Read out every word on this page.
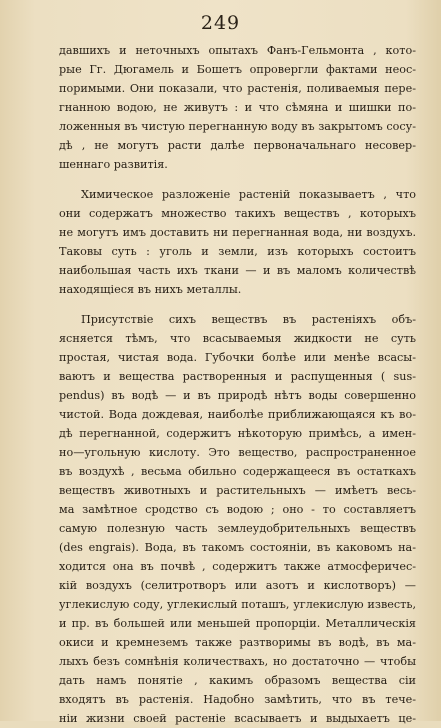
249
давшихъ и неточныхъ опытахъ Фанъ-Гельмонта , кото-
рые Гг. Дюгамель и Бошетъ опровергли фактами неос-
поримыми. Они показали, что растенія, поливаемыя пере-
гнанною водою, не живутъ : и что сѣмяна и шишки по-
ложенныя въ чистую перегнанную воду въ закрытомъ сосу-
дѣ , не могутъ расти далѣе первоначальнаго несовер-
шеннаго развитія.
Химическое разложеніе растеній показываетъ , что
они содержатъ множество такихъ веществъ , которыхъ
не могутъ имъ доставить ни перегнанная вода, ни воздухъ.
Таковы суть : уголь и земли, изъ которыхъ состоитъ
наибольшая часть ихъ ткани — и въ маломъ количествѣ
находящіеся въ нихъ металлы.
Присутствіе сихъ веществъ въ растеніяхъ объ-
ясняется тѣмъ, что всасываемыя жидкости не суть
простая, чистая вода. Губочки болѣе или менѣе всасы-
ваютъ и вещества растворенныя и распущенныя ( sus-
pendus) въ водѣ — и въ природѣ нѣтъ воды совершенно
чистой. Вода дождевая, наиболѣе приближающаяся къ во-
дѣ перегнанной, содержитъ нѣкоторую примѣсь, а имен-
но—угольную кислоту. Это вещество, распространенное
въ воздухѣ , весьма обильно содержащееся въ остаткахъ
веществъ животныхъ и растительныхъ — имѣетъ весь-
ма замѣтное сродство съ водою ; оно - то составляетъ
самую полезную часть землеудобрительныхъ веществъ
(des engrais). Вода, въ такомъ состояніи, въ каковомъ на-
ходится она въ почвѣ , содержитъ также атмосферичес-
кій воздухъ (селитротворъ или азотъ и кислотворъ) —
углекислую соду, углекислый поташъ, углекислую известь,
и пр. въ большей или меньшей пропорціи. Металлическія
окиси и кремнеземъ также разтворимы въ водѣ, въ ма-
лыхъ безъ сомнѣнія количествахъ, но достаточно — чтобы
дать намъ понятіе , какимъ образомъ вещества сіи
входятъ въ растенія. Надобно замѣтить, что въ тече-
ніи жизни своей растеніе всасываетъ и выдыхаетъ це-
